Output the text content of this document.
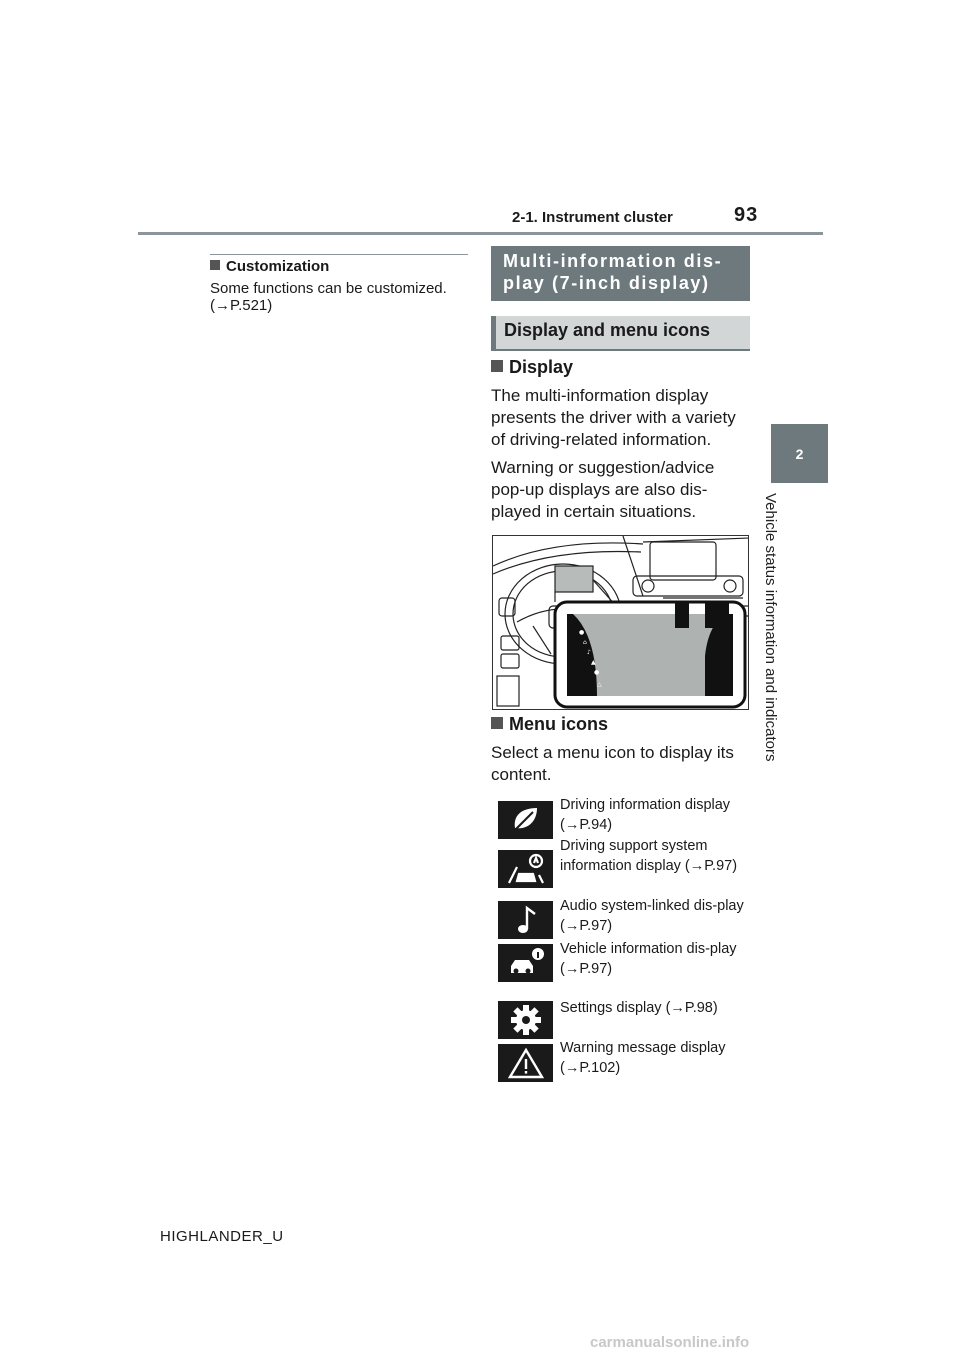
2-1. Instrument cluster	93
2
Vehicle status information and indicators
Customization
Some functions can be customized. (→P.521)
Multi-information dis-play (7-inch display)
Display and menu icons
Display
The multi-information display presents the driver with a variety of driving-related information.
Warning or suggestion/advice pop-up displays are also dis-played in certain situations.
●
⌂
♪
▲
●
△
Menu icons
Select a menu icon to display its content.
Driving information display (→P.94)
Driving support system information display (→P.97)
Audio system-linked dis-play (→P.97)
Vehicle information dis-play (→P.97)
Settings display (→P.98)
Warning message display (→P.102)
HIGHLANDER_U
carmanualsonline.info
